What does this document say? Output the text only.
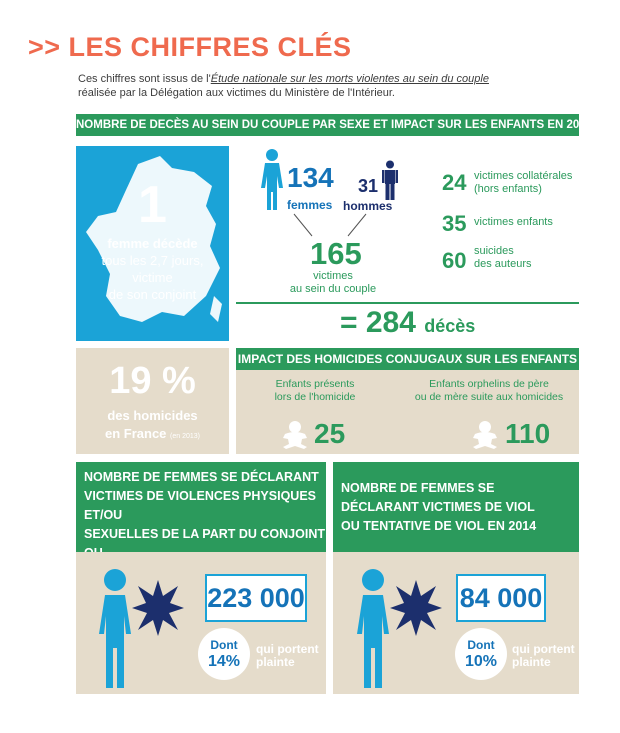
>> LES CHIFFRES CLÉS
Ces chiffres sont issus de l'Étude nationale sur les morts violentes au sein du couple
réalisée par la Délégation aux victimes du Ministère de l'Intérieur.
NOMBRE DE DECÈS AU SEIN DU COUPLE PAR SEXE ET IMPACT SUR LES ENFANTS EN 2014
1
femme décède
tous les 2,7 jours,
victime
de son conjoint
134
femmes
31
hommes
165
victimes
au sein du couple
24 victimes collatérales
(hors enfants)
35 victimes enfants
60 suicides
des auteurs
= 284 décès
19 %
des homicides
en France (en 2013)
IMPACT DES HOMICIDES CONJUGAUX SUR LES ENFANTS
Enfants présents
lors de l'homicide
Enfants orphelins de père
ou de mère suite aux homicides
25	110
NOMBRE DE FEMMES SE DÉCLARANT
VICTIMES DE VIOLENCES PHYSIQUES ET/OU
SEXUELLES DE LA PART DU CONJOINT
223 000
Dont
14%
qui portent
plainte
NOMBRE DE FEMMES SE
DÉCLARANT VICTIMES DE VIOL
OU TENTATIVE DE VIOL EN 2014
84 000
Dont
10%
qui portent
plainte
